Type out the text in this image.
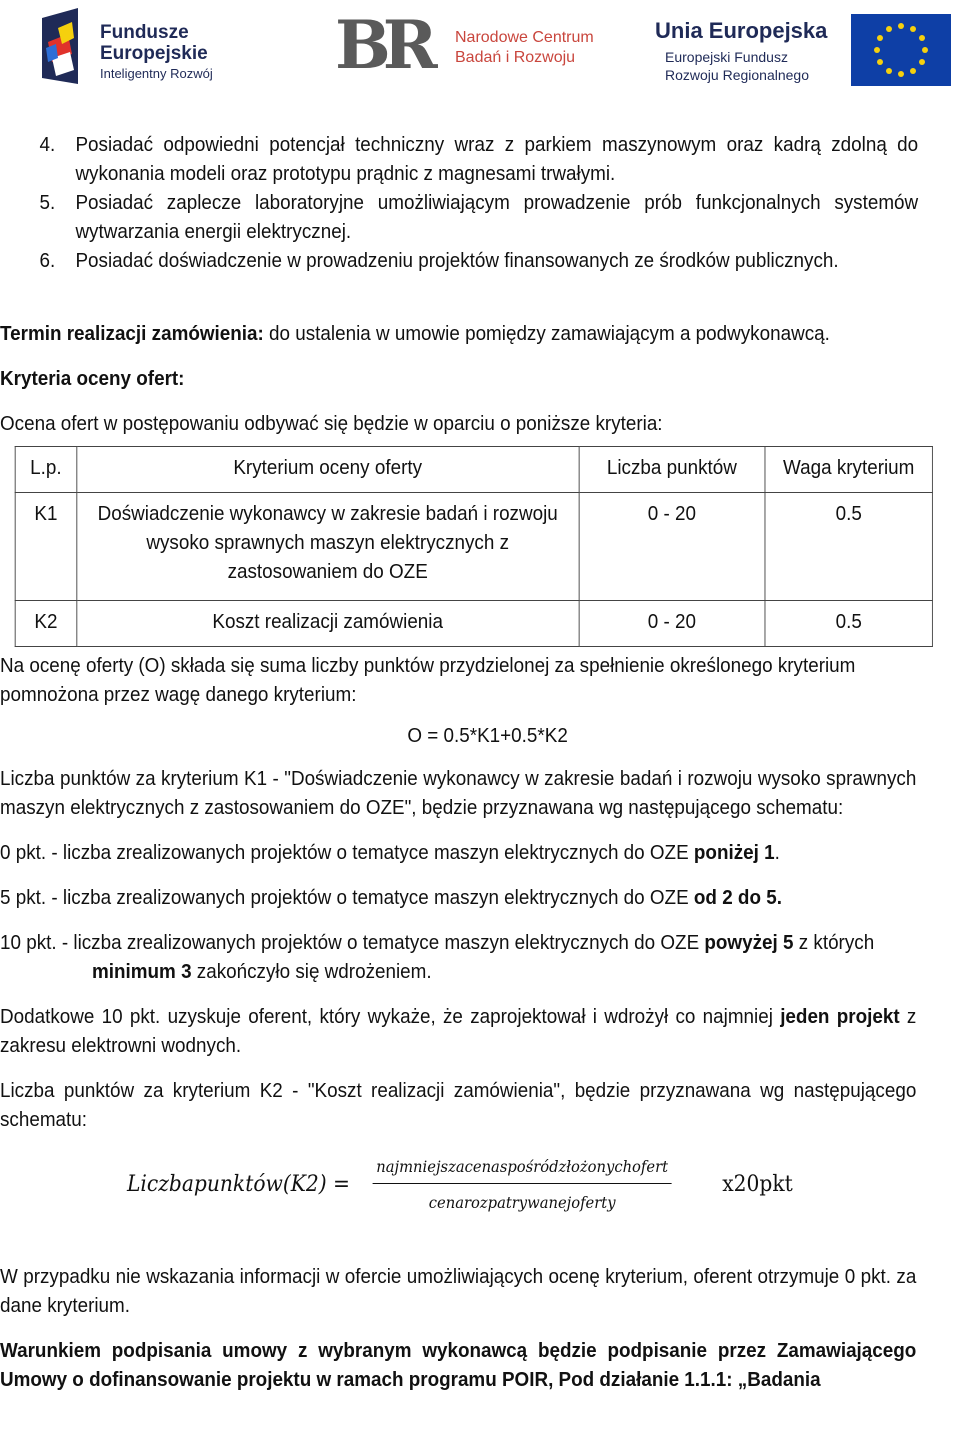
Fundusze Europejskie
Inteligentny Rozwój BR Narodowe Centrum Badań i Rozwoju
Unia Europejska
Europejski Fundusz Rozwoju Regionalnego
4. Posiadać odpowiedni potencjał techniczny wraz z parkiem maszynowym oraz kadrą zdolną do wykonania modeli oraz prototypu prądnic z magnesami trwałymi.
5. Posiadać zaplecze laboratoryjne umożliwiającym prowadzenie prób funkcjonalnych systemów wytwarzania energii elektrycznej.
6. Posiadać doświadczenie w prowadzeniu projektów finansowanych ze środków publicznych.

Termin realizacji zamówienia: do ustalenia w umowie pomiędzy zamawiającym a podwykonawcą.

Kryteria oceny ofert:

Ocena ofert w postępowaniu odbywać się będzie w oparciu o poniższe kryteria:

L.p.	Kryterium oceny oferty	Liczba punktów	Waga kryterium
K1	Doświadczenie wykonawcy w zakresie badań i rozwoju wysoko sprawnych maszyn elektrycznych z zastosowaniem do OZE	0 - 20	0.5
K2	Koszt realizacji zamówienia	0 - 20	0.5

Na ocenę oferty (O) składa się suma liczby punktów przydzielonej za spełnienie określonego kryterium pomnożona przez wagę danego kryterium:

O = 0.5*K1+0.5*K2

Liczba punktów za kryterium K1 - "Doświadczenie wykonawcy w zakresie badań i rozwoju wysoko sprawnych maszyn elektrycznych z zastosowaniem do OZE", będzie przyznawana wg następującego schematu:

0 pkt. - liczba zrealizowanych projektów o tematyce maszyn elektrycznych do OZE poniżej 1.

5 pkt. - liczba zrealizowanych projektów o tematyce maszyn elektrycznych do OZE od 2 do 5.

10 pkt. - liczba zrealizowanych projektów o tematyce maszyn elektrycznych do OZE powyżej 5 z których
minimum 3 zakończyło się wdrożeniem.

Dodatkowe 10 pkt. uzyskuje oferent, który wykaże, że zaprojektował i wdrożył co najmniej jeden projekt z zakresu elektrowni wodnych.

Liczba punktów za kryterium K2 - "Koszt realizacji zamówienia", będzie przyznawana wg następującego schematu:

Liczbapunktów(K2) =
najmniejszacenaspośródzłożonychofert
cenarozpatrywanejoferty
x20pkt

W przypadku nie wskazania informacji w ofercie umożliwiających ocenę kryterium, oferent otrzymuje 0 pkt. za dane kryterium.

Warunkiem podpisania umowy z wybranym wykonawcą będzie podpisanie przez Zamawiającego Umowy o dofinansowanie projektu w ramach programu POIR, Pod działanie 1.1.1: „Badania
